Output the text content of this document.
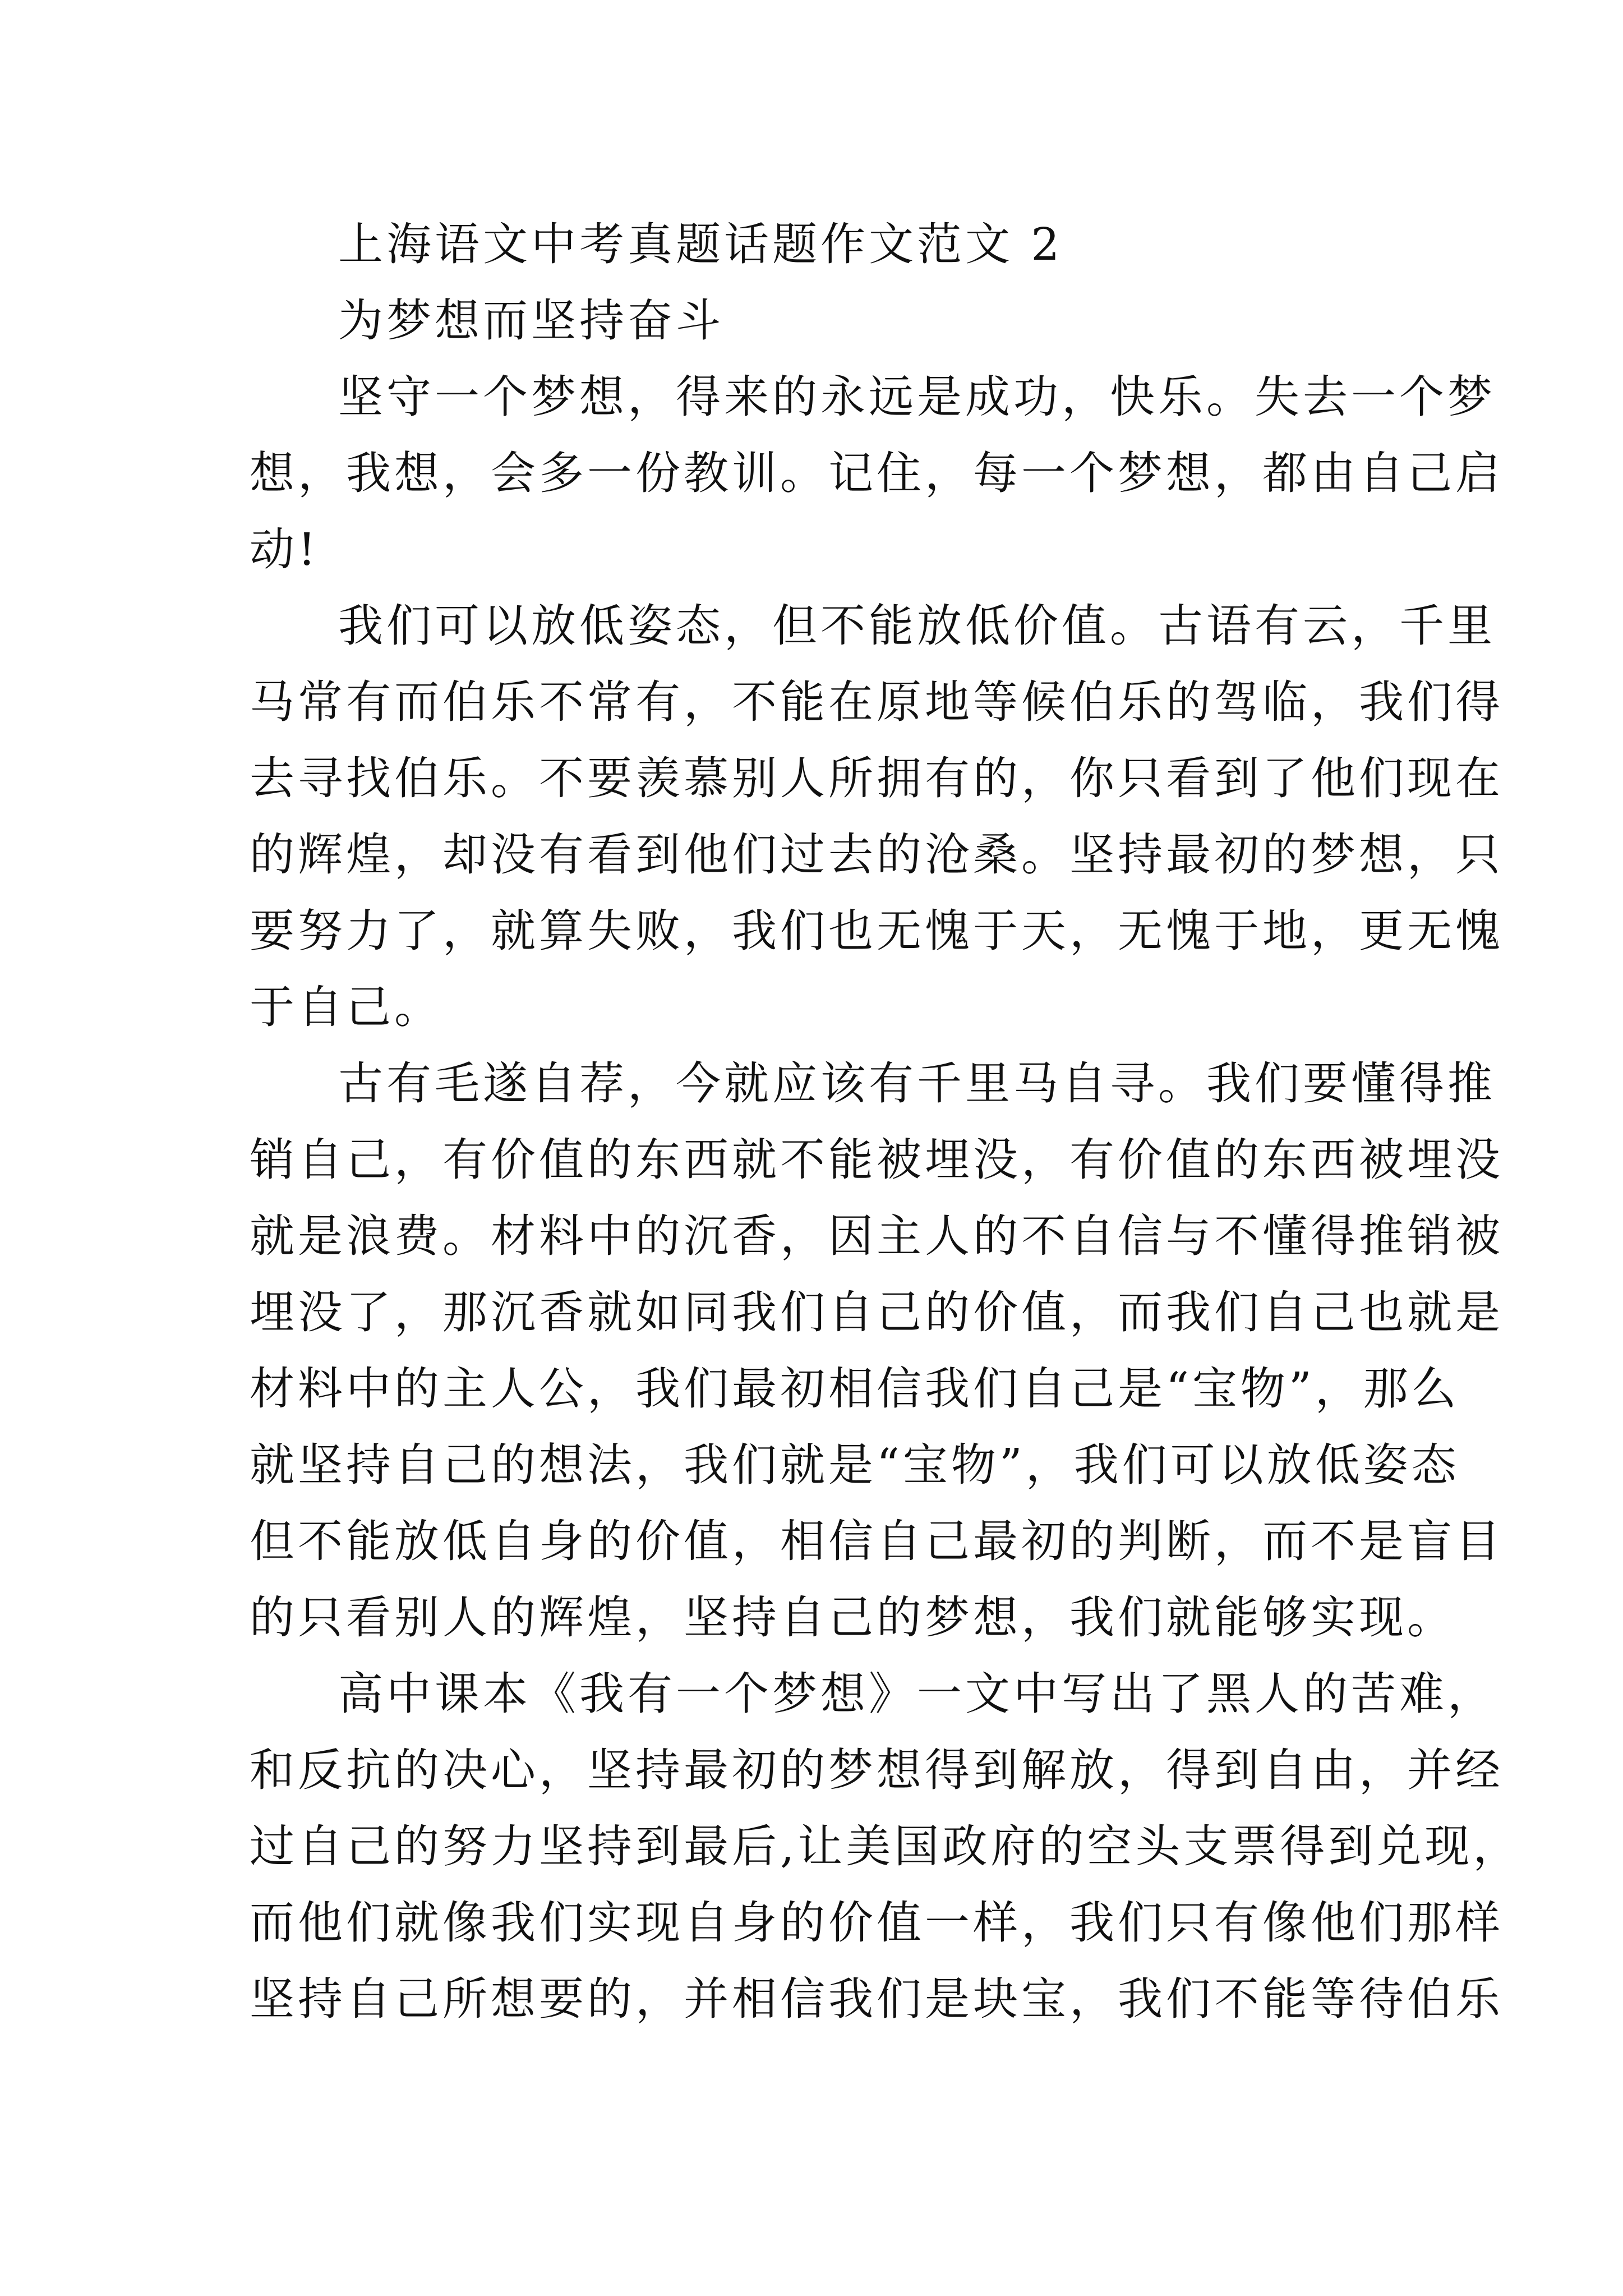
上海语文中考真题话题作文范文 2

为梦想而坚持奋斗

坚守一个梦想，得来的永远是成功，快乐。失去一个梦

想，我想，会多一份教训。记住，每一个梦想，都由自己启

动!

我们可以放低姿态，但不能放低价值。古语有云，千里

马常有而伯乐不常有，不能在原地等候伯乐的驾临，我们得

去寻找伯乐。不要羡慕别人所拥有的，你只看到了他们现在

的辉煌，却没有看到他们过去的沧桑。坚持最初的梦想，只

要努力了，就算失败，我们也无愧于天，无愧于地，更无愧

于自己。

古有毛遂自荐，今就应该有千里马自寻。我们要懂得推

销自己，有价值的东西就不能被埋没，有价值的东西被埋没

就是浪费。材料中的沉香，因主人的不自信与不懂得推销被

埋没了，那沉香就如同我们自己的价值，而我们自己也就是

材料中的主人公，我们最初相信我们自己是“宝物”，那么

就坚持自己的想法，我们就是“宝物”，我们可以放低姿态

但不能放低自身的价值，相信自己最初的判断，而不是盲目

的只看别人的辉煌，坚持自己的梦想，我们就能够实现。

高中课本《我有一个梦想》一文中写出了黑人的苦难，

和反抗的决心，坚持最初的梦想得到解放，得到自由，并经

过自己的努力坚持到最后,让美国政府的空头支票得到兑现，

而他们就像我们实现自身的价值一样，我们只有像他们那样

坚持自己所想要的，并相信我们是块宝，我们不能等待伯乐
